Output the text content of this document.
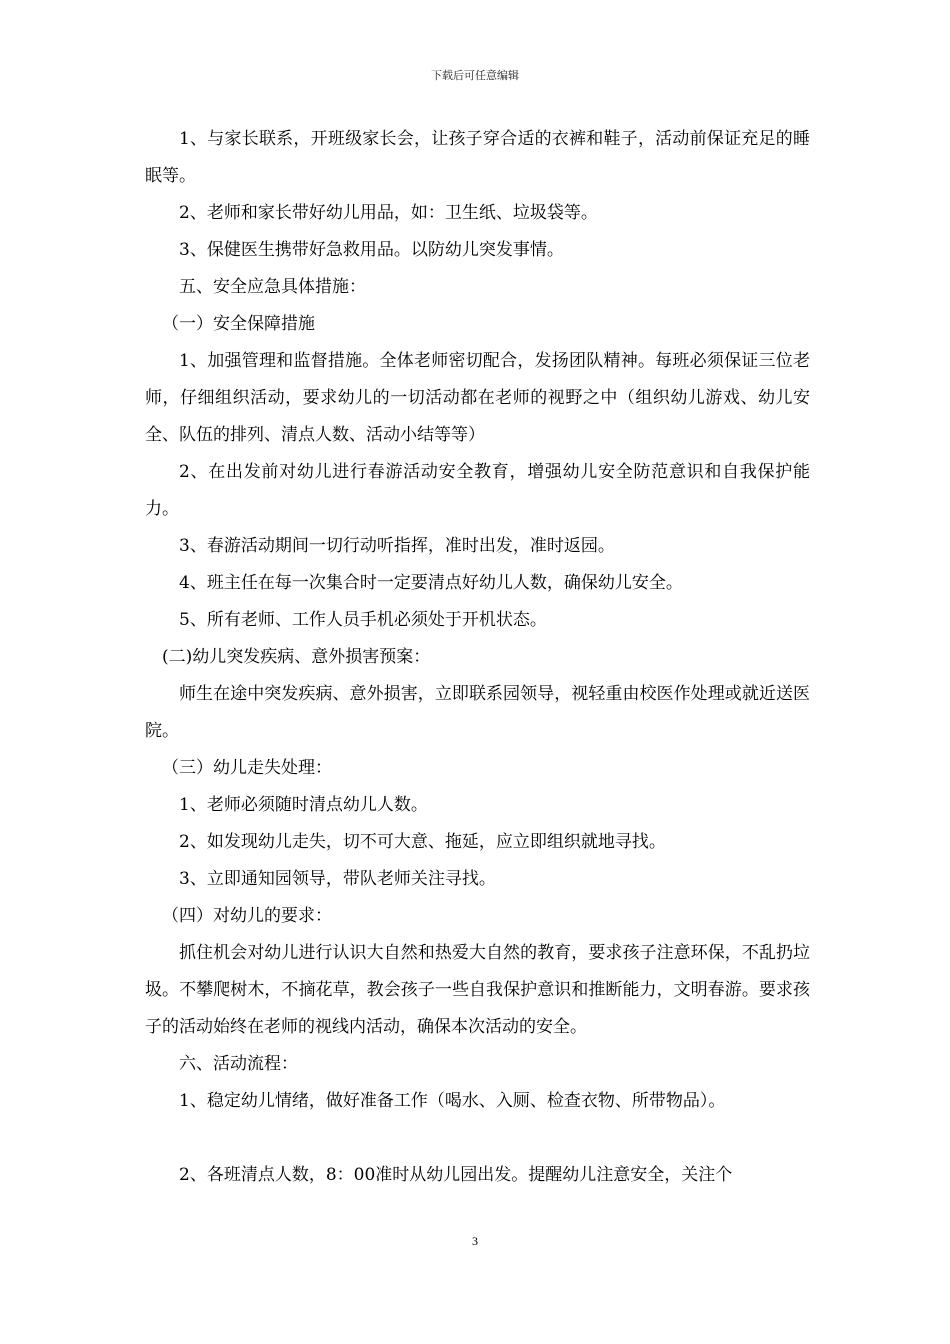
下载后可任意编辑

1、与家长联系，开班级家长会，让孩子穿合适的衣裤和鞋子，活动前保证充足的睡眠等。

2、老师和家长带好幼儿用品，如：卫生纸、垃圾袋等。

3、保健医生携带好急救用品。以防幼儿突发事情。

五、安全应急具体措施：

（一）安全保障措施

1、加强管理和监督措施。全体老师密切配合，发扬团队精神。每班必须保证三位老师，仔细组织活动，要求幼儿的一切活动都在老师的视野之中（组织幼儿游戏、幼儿安全、队伍的排列、清点人数、活动小结等等）

2、在出发前对幼儿进行春游活动安全教育，增强幼儿安全防范意识和自我保护能力。

3、春游活动期间一切行动听指挥，准时出发，准时返园。

4、班主任在每一次集合时一定要清点好幼儿人数，确保幼儿安全。

5、所有老师、工作人员手机必须处于开机状态。

(二)幼儿突发疾病、意外损害预案：

师生在途中突发疾病、意外损害，立即联系园领导，视轻重由校医作处理或就近送医院。

（三）幼儿走失处理：

1、老师必须随时清点幼儿人数。

2、如发现幼儿走失，切不可大意、拖延，应立即组织就地寻找。

3、立即通知园领导，带队老师关注寻找。

（四）对幼儿的要求：

抓住机会对幼儿进行认识大自然和热爱大自然的教育，要求孩子注意环保，不乱扔垃圾。不攀爬树木，不摘花草，教会孩子一些自我保护意识和推断能力，文明春游。要求孩子的活动始终在老师的视线内活动，确保本次活动的安全。

六、活动流程：

1、稳定幼儿情绪，做好准备工作（喝水、入厕、检查衣物、所带物品）。

2、各班清点人数，8：00准时从幼儿园出发。提醒幼儿注意安全，关注个

3
